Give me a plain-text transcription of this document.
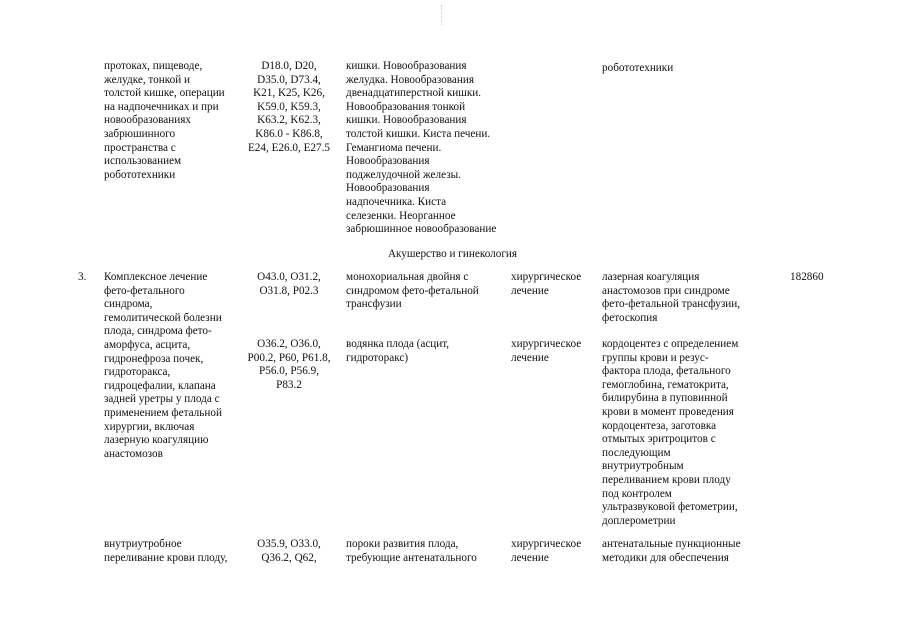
протоках, пищеводе,
желудке, тонкой и
толстой кишке, операции
на надпочечниках и при
новообразованиях
забрюшинного
пространства с
использованием
робототехники
D18.0, D20,
D35.0, D73.4,
K21, K25, K26,
K59.0, K59.3,
K63.2, K62.3,
K86.0 - K86.8,
E24, E26.0, E27.5
кишки. Новообразования
желудка. Новообразования
двенадцатиперстной кишки.
Новообразования тонкой
кишки. Новообразования
толстой кишки. Киста печени.
Гемангиома печени.
Новообразования
поджелудочной железы.
Новообразования
надпочечника. Киста
селезенки. Неорганное
забрюшинное новообразование
робототехники
Акушерство и гинекология
3.	Комплексное лечение
фето-фетального
синдрома,
гемолитической болезни
плода, синдрома фето-
аморфуса, асцита,
гидронефроза почек,
гидроторакса,
гидроцефалии, клапана
задней уретры у плода с
применением фетальной
хирургии, включая
лазерную коагуляцию
анастомозов
182860
O43.0, O31.2,
O31.8, P02.3
монохориальная двойня с
синдромом фето-фетальной
трансфузии
хирургическое
лечение
лазерная коагуляция
анастомозов при синдроме
фето-фетальной трансфузии,
фетоскопия
O36.2, O36.0,
P00.2, P60, P61.8,
P56.0, P56.9,
P83.2
водянка плода (асцит,
гидроторакс)
хирургическое
лечение
кордоцентез с определением
группы крови и резус-
фактора плода, фетального
гемоглобина, гематокрита,
билирубина в пуповинной
крови в момент проведения
кордоцентеза, заготовка
отмытых эритроцитов с
последующим
внутриутробным
переливанием крови плоду
под контролем
ультразвуковой фетометрии,
доплерометрии
внутриутробное
переливание крови плоду,
O35.9, O33.0,
Q36.2, Q62,
пороки развития плода,
требующие антенатального
хирургическое
лечение
антенатальные пункционные
методики для обеспечения
